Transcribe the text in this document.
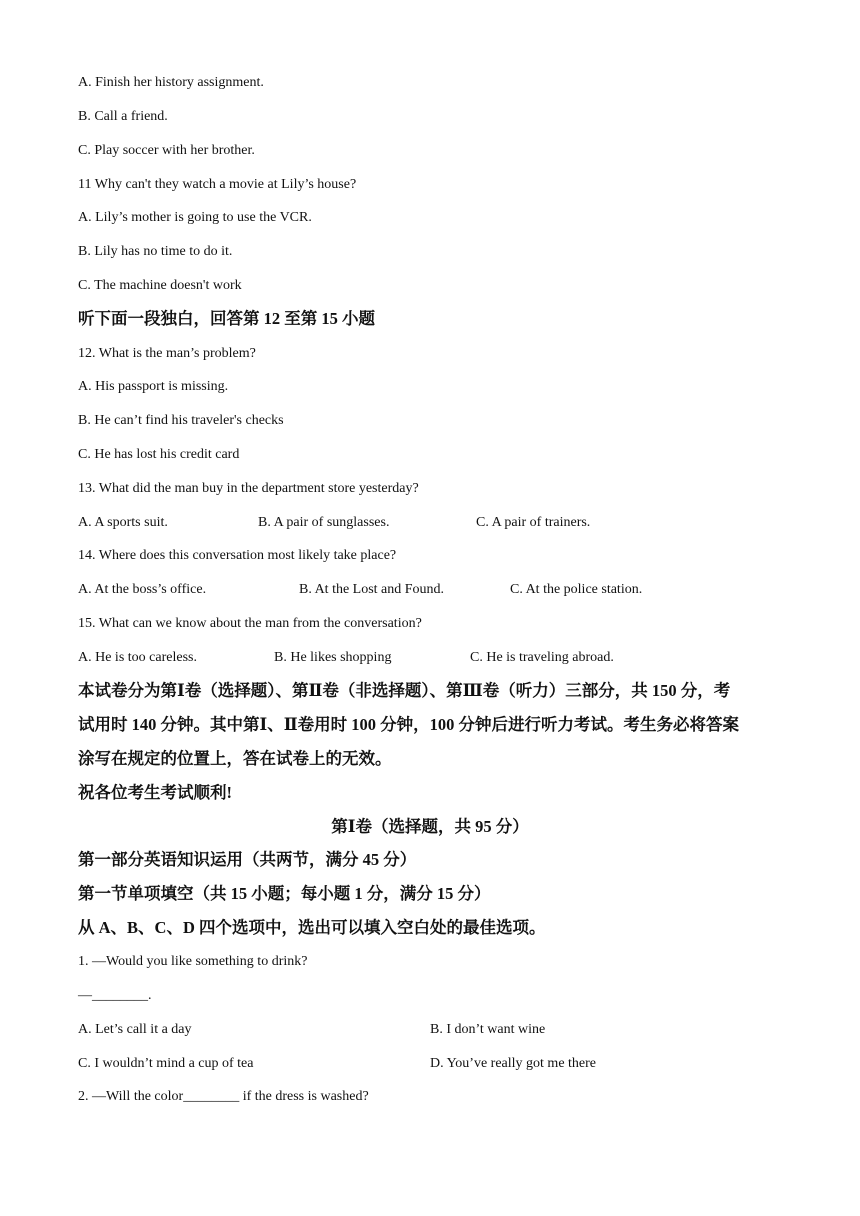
A. Finish her history assignment.
B. Call a friend.
C. Play soccer with her brother.
11 Why can't they watch a movie at Lily’s house?
A. Lily’s mother is going to use the VCR.
B. Lily has no time to do it.
C. The machine doesn't work
听下面一段独白，回答第 12 至第 15 小题
12. What is the man’s problem?
A. His passport is missing.
B. He can’t find his traveler's checks
C. He has lost his credit card
13. What did the man buy in the department store yesterday?
A. A sports suit.	B. A pair of sunglasses.	C. A pair of trainers.
14. Where does this conversation most likely take place?
A. At the boss’s office.	B. At the Lost and Found.	C. At the police station.
15. What can we know about the man from the conversation?
A. He is too careless.	B. He likes shopping	C. He is traveling abroad.
本试卷分为第Ⅰ卷（选择题）、第Ⅱ卷（非选择题）、第Ⅲ卷（听力）三部分，共 150 分，考
试用时 140 分钟。其中第Ⅰ、Ⅱ卷用时 100 分钟，100 分钟后进行听力考试。考生务必将答案
涂写在规定的位置上，答在试卷上的无效。
祝各位考生考试顺利!
第Ⅰ卷（选择题，共 95 分）
第一部分英语知识运用（共两节，满分 45 分）
第一节单项填空（共 15 小题；每小题 1 分，满分 15 分）
从 A、B、C、D 四个选项中，选出可以填入空白处的最佳选项。
1. —Would you like something to drink?
—________.
A. Let’s call it a day	B. I don’t want wine
C. I wouldn’t mind a cup of tea	D. You’ve really got me there
2. —Will the color________ if the dress is washed?
